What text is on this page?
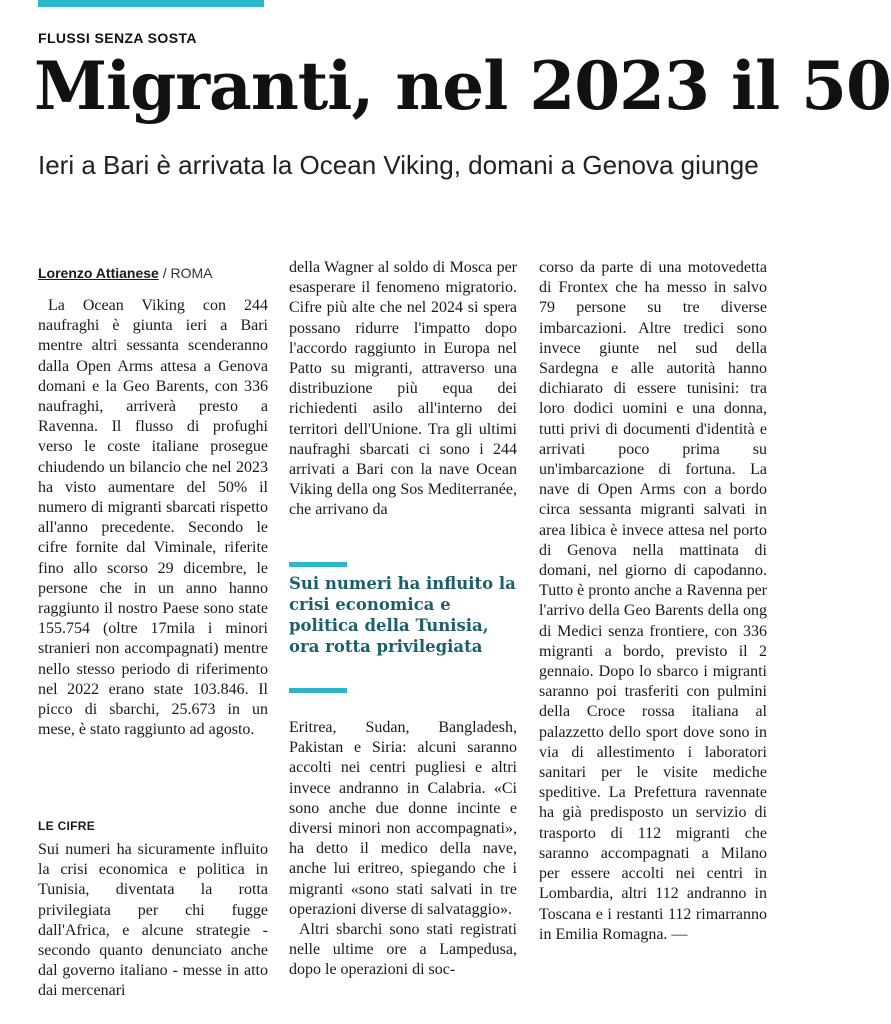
FLUSSI SENZA SOSTA
Migranti, nel 2023 il 50
Ieri a Bari è arrivata la Ocean Viking, domani a Genova giunge
Lorenzo Attianese / ROMA

La Ocean Viking con 244 naufraghi è giunta ieri a Bari mentre altri sessanta scenderanno dalla Open Arms attesa a Genova domani e la Geo Barents, con 336 naufraghi, arriverà presto a Ravenna. Il flusso di profughi verso le coste italiane prosegue chiudendo un bilancio che nel 2023 ha visto aumentare del 50% il numero di migranti sbarcati rispetto all'anno precedente. Secondo le cifre fornite dal Viminale, riferite fino allo scorso 29 dicembre, le persone che in un anno hanno raggiunto il nostro Paese sono state 155.754 (oltre 17mila i minori stranieri non accompagnati) mentre nello stesso periodo di riferimento nel 2022 erano state 103.846. Il picco di sbarchi, 25.673 in un mese, è stato raggiunto ad agosto.

LE CIFRE

Sui numeri ha sicuramente influito la crisi economica e politica in Tunisia, diventata la rotta privilegiata per chi fugge dall'Africa, e alcune strategie - secondo quanto denunciato anche dal governo italiano - messe in atto dai mercenari

della Wagner al soldo di Mosca per esasperare il fenomeno migratorio. Cifre più alte che nel 2024 si spera possano ridurre l'impatto dopo l'accordo raggiunto in Europa nel Patto su migranti, attraverso una distribuzione più equa dei richiedenti asilo all'interno dei territori dell'Unione. Tra gli ultimi naufraghi sbarcati ci sono i 244 arrivati a Bari con la nave Ocean Viking della ong Sos Mediterranée, che arrivano da

Sui numeri ha influito la crisi economica e politica della Tunisia, ora rotta privilegiata

Eritrea, Sudan, Bangladesh, Pakistan e Siria: alcuni saranno accolti nei centri pugliesi e altri invece andranno in Calabria. «Ci sono anche due donne incinte e diversi minori non accompagnati», ha detto il medico della nave, anche lui eritreo, spiegando che i migranti «sono stati salvati in tre operazioni diverse di salvataggio».

Altri sbarchi sono stati registrati nelle ultime ore a Lampedusa, dopo le operazioni di soc-

corso da parte di una motovedetta di Frontex che ha messo in salvo 79 persone su tre diverse imbarcazioni. Altre tredici sono invece giunte nel sud della Sardegna e alle autorità hanno dichiarato di essere tunisini: tra loro dodici uomini e una donna, tutti privi di documenti d'identità e arrivati poco prima su un'imbarcazione di fortuna. La nave di Open Arms con a bordo circa sessanta migranti salvati in area libica è invece attesa nel porto di Genova nella mattinata di domani, nel giorno di capodanno. Tutto è pronto anche a Ravenna per l'arrivo della Geo Barents della ong di Medici senza frontiere, con 336 migranti a bordo, previsto il 2 gennaio. Dopo lo sbarco i migranti saranno poi trasferiti con pulmini della Croce rossa italiana al palazzetto dello sport dove sono in via di allestimento i laboratori sanitari per le visite mediche speditive. La Prefettura ravennate ha già predisposto un servizio di trasporto di 112 migranti che saranno accompagnati a Milano per essere accolti nei centri in Lombardia, altri 112 andranno in Toscana e i restanti 112 rimarranno in Emilia Romagna. —
